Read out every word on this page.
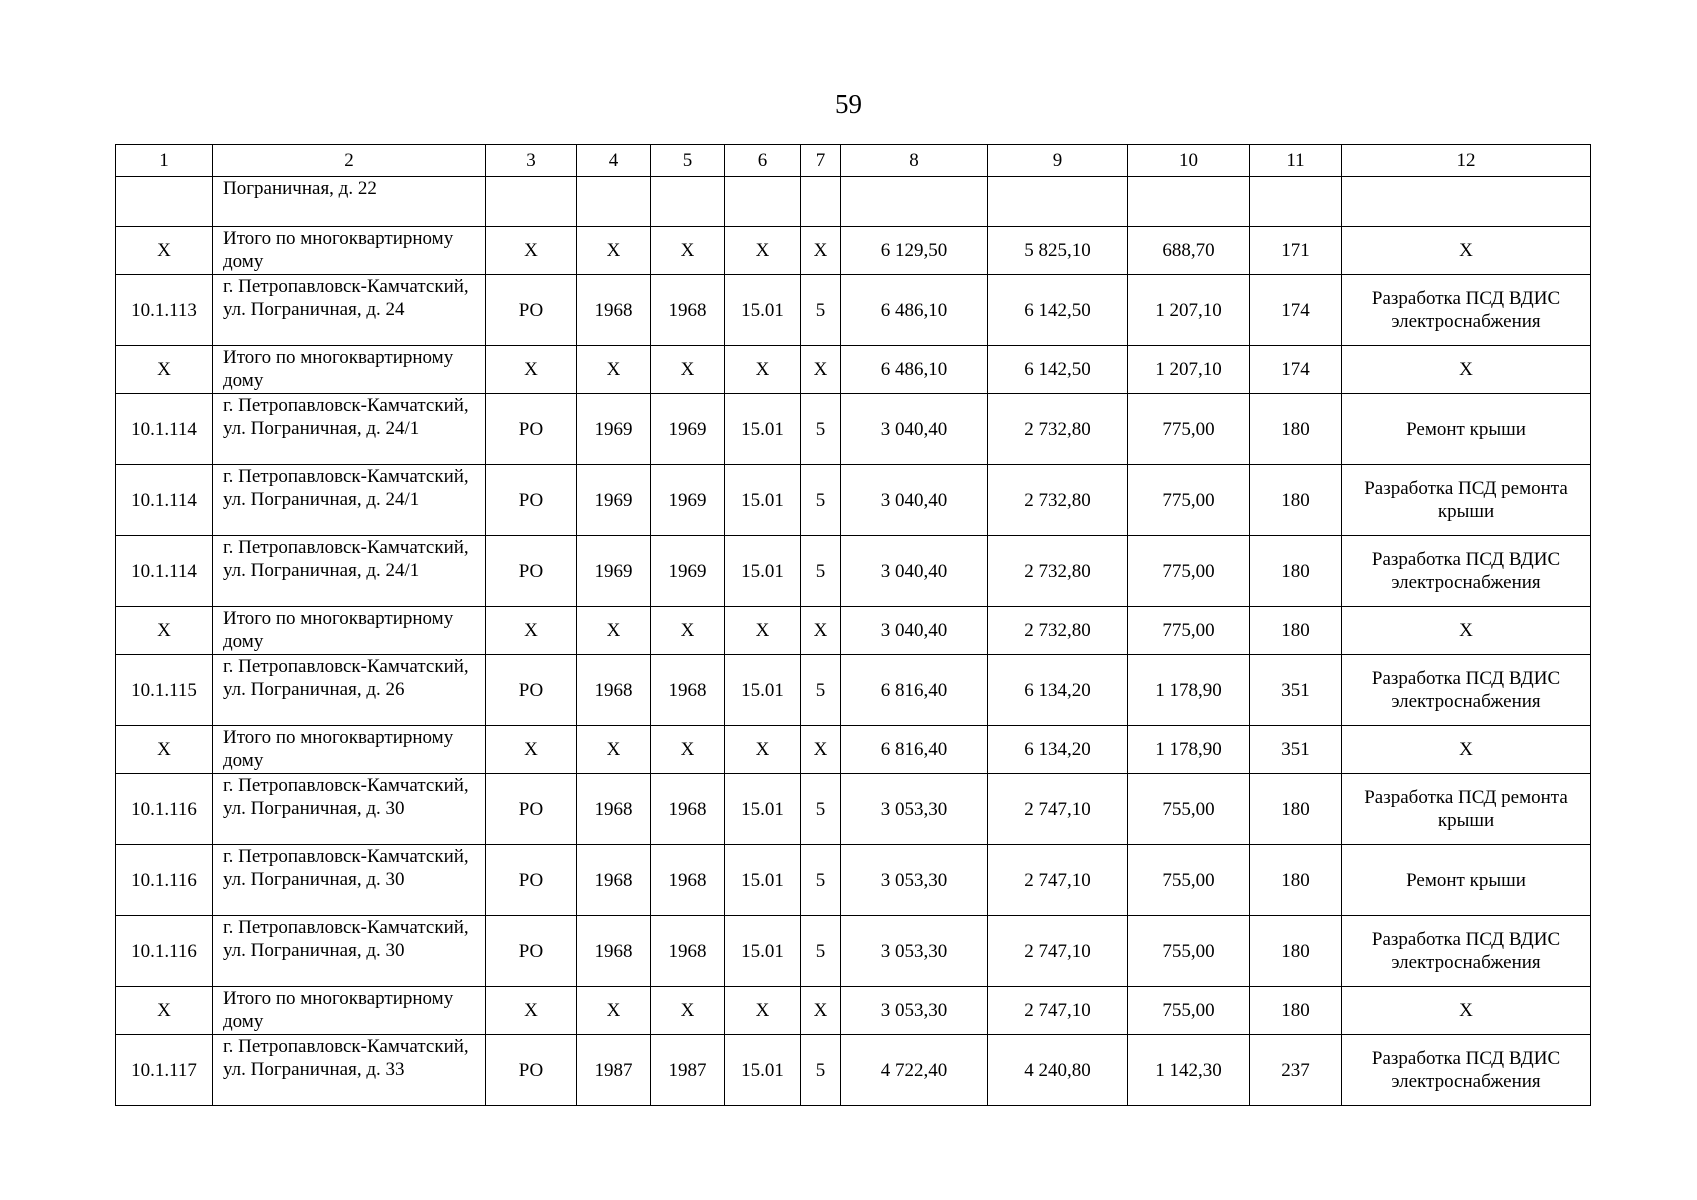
59
1	2	3	4	5	6	7	8	9	10	11	12
	Пограничная, д. 22										
Х	Итого по многоквартирному дому	Х	Х	Х	Х	Х	6 129,50	5 825,10	688,70	171	Х
10.1.113	г. Петропавловск-Камчатский, ул. Пограничная, д. 24	РО	1968	1968	15.01	5	6 486,10	6 142,50	1 207,10	174	Разработка ПСД ВДИС электроснабжения
Х	Итого по многоквартирному дому	Х	Х	Х	Х	Х	6 486,10	6 142,50	1 207,10	174	Х
10.1.114	г. Петропавловск-Камчатский, ул. Пограничная, д. 24/1	РО	1969	1969	15.01	5	3 040,40	2 732,80	775,00	180	Ремонт крыши
10.1.114	г. Петропавловск-Камчатский, ул. Пограничная, д. 24/1	РО	1969	1969	15.01	5	3 040,40	2 732,80	775,00	180	Разработка ПСД ремонта крыши
10.1.114	г. Петропавловск-Камчатский, ул. Пограничная, д. 24/1	РО	1969	1969	15.01	5	3 040,40	2 732,80	775,00	180	Разработка ПСД ВДИС электроснабжения
Х	Итого по многоквартирному дому	Х	Х	Х	Х	Х	3 040,40	2 732,80	775,00	180	Х
10.1.115	г. Петропавловск-Камчатский, ул. Пограничная, д. 26	РО	1968	1968	15.01	5	6 816,40	6 134,20	1 178,90	351	Разработка ПСД ВДИС электроснабжения
Х	Итого по многоквартирному дому	Х	Х	Х	Х	Х	6 816,40	6 134,20	1 178,90	351	Х
10.1.116	г. Петропавловск-Камчатский, ул. Пограничная, д. 30	РО	1968	1968	15.01	5	3 053,30	2 747,10	755,00	180	Разработка ПСД ремонта крыши
10.1.116	г. Петропавловск-Камчатский, ул. Пограничная, д. 30	РО	1968	1968	15.01	5	3 053,30	2 747,10	755,00	180	Ремонт крыши
10.1.116	г. Петропавловск-Камчатский, ул. Пограничная, д. 30	РО	1968	1968	15.01	5	3 053,30	2 747,10	755,00	180	Разработка ПСД ВДИС электроснабжения
Х	Итого по многоквартирному дому	Х	Х	Х	Х	Х	3 053,30	2 747,10	755,00	180	Х
10.1.117	г. Петропавловск-Камчатский, ул. Пограничная, д. 33	РО	1987	1987	15.01	5	4 722,40	4 240,80	1 142,30	237	Разработка ПСД ВДИС электроснабжения
